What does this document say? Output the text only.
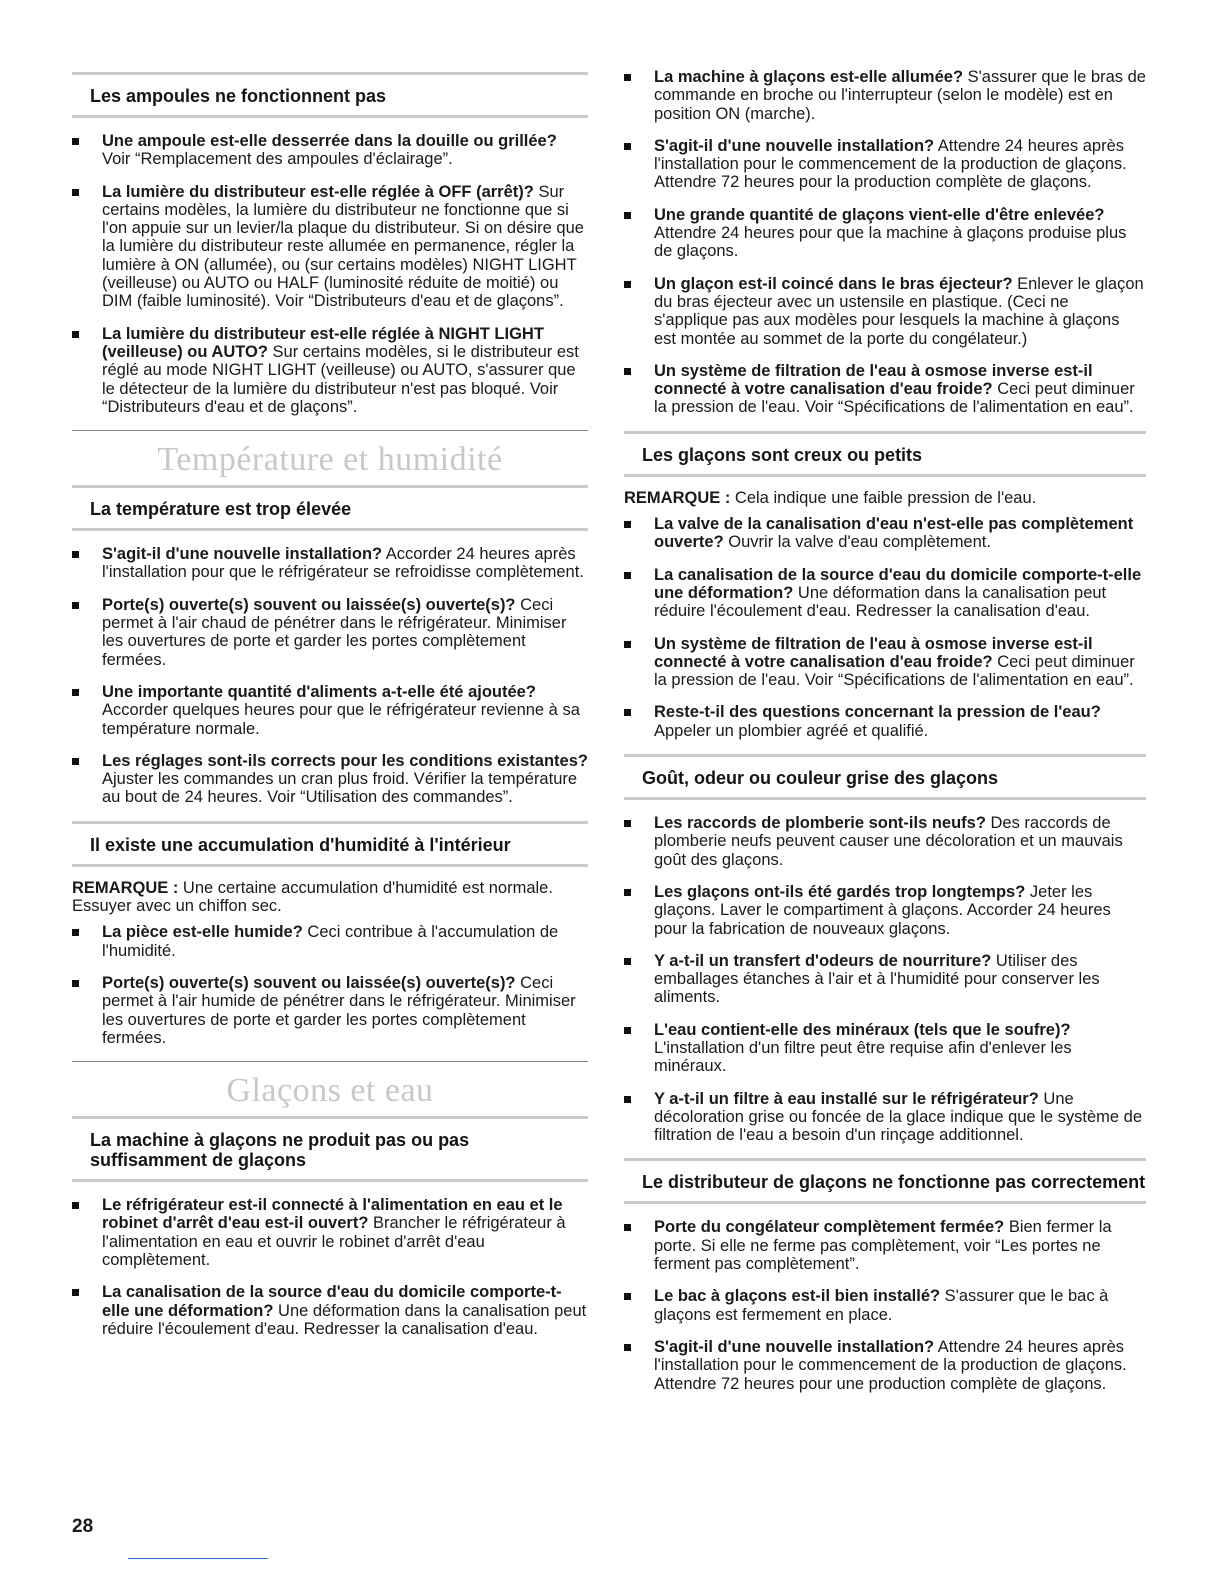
Les ampoules ne fonctionnent pas
Une ampoule est-elle desserrée dans la douille ou grillée? Voir “Remplacement des ampoules d'éclairage”.
La lumière du distributeur est-elle réglée à OFF (arrêt)? Sur certains modèles, la lumière du distributeur ne fonctionne que si l'on appuie sur un levier/la plaque du distributeur. Si on désire que la lumière du distributeur reste allumée en permanence, régler la lumière à ON (allumée), ou (sur certains modèles) NIGHT LIGHT (veilleuse) ou AUTO ou HALF (luminosité réduite de moitié) ou DIM (faible luminosité). Voir “Distributeurs d'eau et de glaçons”.
La lumière du distributeur est-elle réglée à NIGHT LIGHT (veilleuse) ou AUTO? Sur certains modèles, si le distributeur est réglé au mode NIGHT LIGHT (veilleuse) ou AUTO, s'assurer que le détecteur de la lumière du distributeur n'est pas bloqué. Voir “Distributeurs d'eau et de glaçons”.
Température et humidité
La température est trop élevée
S'agit-il d'une nouvelle installation? Accorder 24 heures après l'installation pour que le réfrigérateur se refroidisse complètement.
Porte(s) ouverte(s) souvent ou laissée(s) ouverte(s)? Ceci permet à l'air chaud de pénétrer dans le réfrigérateur. Minimiser les ouvertures de porte et garder les portes complètement fermées.
Une importante quantité d'aliments a-t-elle été ajoutée? Accorder quelques heures pour que le réfrigérateur revienne à sa température normale.
Les réglages sont-ils corrects pour les conditions existantes? Ajuster les commandes un cran plus froid. Vérifier la température au bout de 24 heures. Voir “Utilisation des commandes”.
Il existe une accumulation d'humidité à l'intérieur

REMARQUE : Une certaine accumulation d'humidité est normale. Essuyer avec un chiffon sec.

La pièce est-elle humide? Ceci contribue à l'accumulation de l'humidité.
Porte(s) ouverte(s) souvent ou laissée(s) ouverte(s)? Ceci permet à l'air humide de pénétrer dans le réfrigérateur. Minimiser les ouvertures de porte et garder les portes complètement fermées.
Glaçons et eau
La machine à glaçons ne produit pas ou pas suffisamment de glaçons
Le réfrigérateur est-il connecté à l'alimentation en eau et le robinet d'arrêt d'eau est-il ouvert? Brancher le réfrigérateur à l'alimentation en eau et ouvrir le robinet d'arrêt d'eau complètement.
La canalisation de la source d'eau du domicile comporte-t-elle une déformation? Une déformation dans la canalisation peut réduire l'écoulement d'eau. Redresser la canalisation d'eau.
La machine à glaçons est-elle allumée? S'assurer que le bras de commande en broche ou l'interrupteur (selon le modèle) est en position ON (marche).
S'agit-il d'une nouvelle installation? Attendre 24 heures après l'installation pour le commencement de la production de glaçons. Attendre 72 heures pour la production complète de glaçons.
Une grande quantité de glaçons vient-elle d'être enlevée? Attendre 24 heures pour que la machine à glaçons produise plus de glaçons.
Un glaçon est-il coincé dans le bras éjecteur? Enlever le glaçon du bras éjecteur avec un ustensile en plastique. (Ceci ne s'applique pas aux modèles pour lesquels la machine à glaçons est montée au sommet de la porte du congélateur.)
Un système de filtration de l'eau à osmose inverse est-il connecté à votre canalisation d'eau froide? Ceci peut diminuer la pression de l'eau. Voir “Spécifications de l'alimentation en eau”.
Les glaçons sont creux ou petits

REMARQUE : Cela indique une faible pression de l'eau.

La valve de la canalisation d'eau n'est-elle pas complètement ouverte? Ouvrir la valve d'eau complètement.
La canalisation de la source d'eau du domicile comporte-t-elle une déformation? Une déformation dans la canalisation peut réduire l'écoulement d'eau. Redresser la canalisation d'eau.
Un système de filtration de l'eau à osmose inverse est-il connecté à votre canalisation d'eau froide? Ceci peut diminuer la pression de l'eau. Voir “Spécifications de l'alimentation en eau”.
Reste-t-il des questions concernant la pression de l'eau? Appeler un plombier agréé et qualifié.
Goût, odeur ou couleur grise des glaçons
Les raccords de plomberie sont-ils neufs? Des raccords de plomberie neufs peuvent causer une décoloration et un mauvais goût des glaçons.
Les glaçons ont-ils été gardés trop longtemps? Jeter les glaçons. Laver le compartiment à glaçons. Accorder 24 heures pour la fabrication de nouveaux glaçons.
Y a-t-il un transfert d'odeurs de nourriture? Utiliser des emballages étanches à l'air et à l'humidité pour conserver les aliments.
L'eau contient-elle des minéraux (tels que le soufre)? L'installation d'un filtre peut être requise afin d'enlever les minéraux.
Y a-t-il un filtre à eau installé sur le réfrigérateur? Une décoloration grise ou foncée de la glace indique que le système de filtration de l'eau a besoin d'un rinçage additionnel.
Le distributeur de glaçons ne fonctionne pas correctement
Porte du congélateur complètement fermée? Bien fermer la porte. Si elle ne ferme pas complètement, voir “Les portes ne ferment pas complètement”.
Le bac à glaçons est-il bien installé? S'assurer que le bac à glaçons est fermement en place.
S'agit-il d'une nouvelle installation? Attendre 24 heures après l'installation pour le commencement de la production de glaçons. Attendre 72 heures pour une production complète de glaçons.
28
